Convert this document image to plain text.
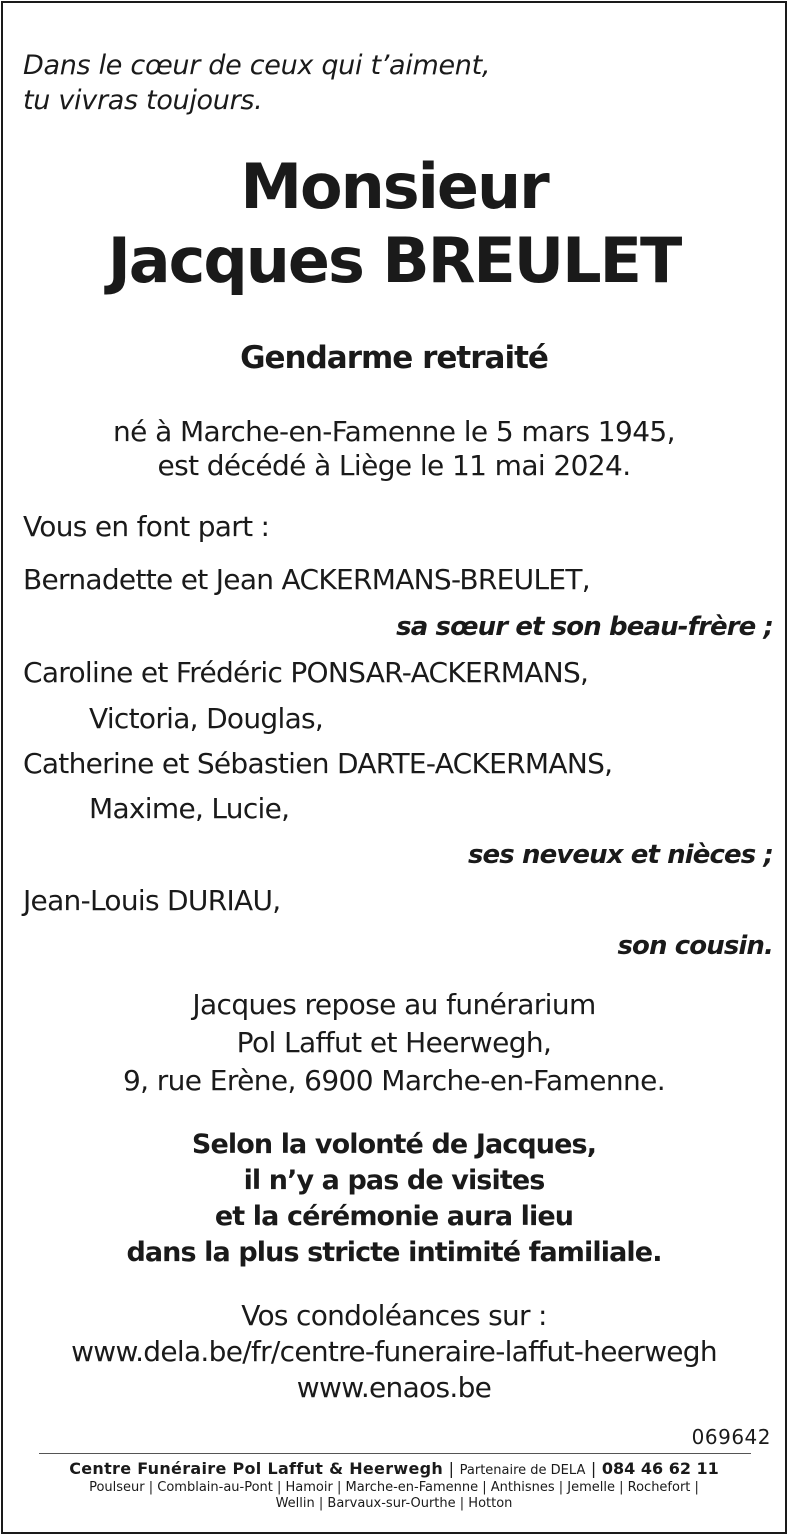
Dans le cœur de ceux qui t’aiment,
tu vivras toujours.
Monsieur
Jacques BREULET
Gendarme retraité
né à Marche-en-Famenne le 5 mars 1945,
est décédé à Liège le 11 mai 2024.
Vous en font part :
Bernadette et Jean ACKERMANS-BREULET,
sa sœur et son beau-frère ;
Caroline et Frédéric PONSAR-ACKERMANS,
Victoria, Douglas,
Catherine et Sébastien DARTE-ACKERMANS,
Maxime, Lucie,
ses neveux et nièces ;
Jean-Louis DURIAU,
son cousin.
Jacques repose au funérarium
Pol Laffut et Heerwegh,
9, rue Erène, 6900 Marche-en-Famenne.
Selon la volonté de Jacques,
il n’y a pas de visites
et la cérémonie aura lieu
dans la plus stricte intimité familiale.
Vos condoléances sur :
www.dela.be/fr/centre-funeraire-laffut-heerwegh
www.enaos.be
069642
Centre Funéraire Pol Laffut & Heerwegh | Partenaire de DELA | 084 46 62 11
Poulseur | Comblain-au-Pont | Hamoir | Marche-en-Famenne | Anthisnes | Jemelle | Rochefort |
Wellin | Barvaux-sur-Ourthe | Hotton
